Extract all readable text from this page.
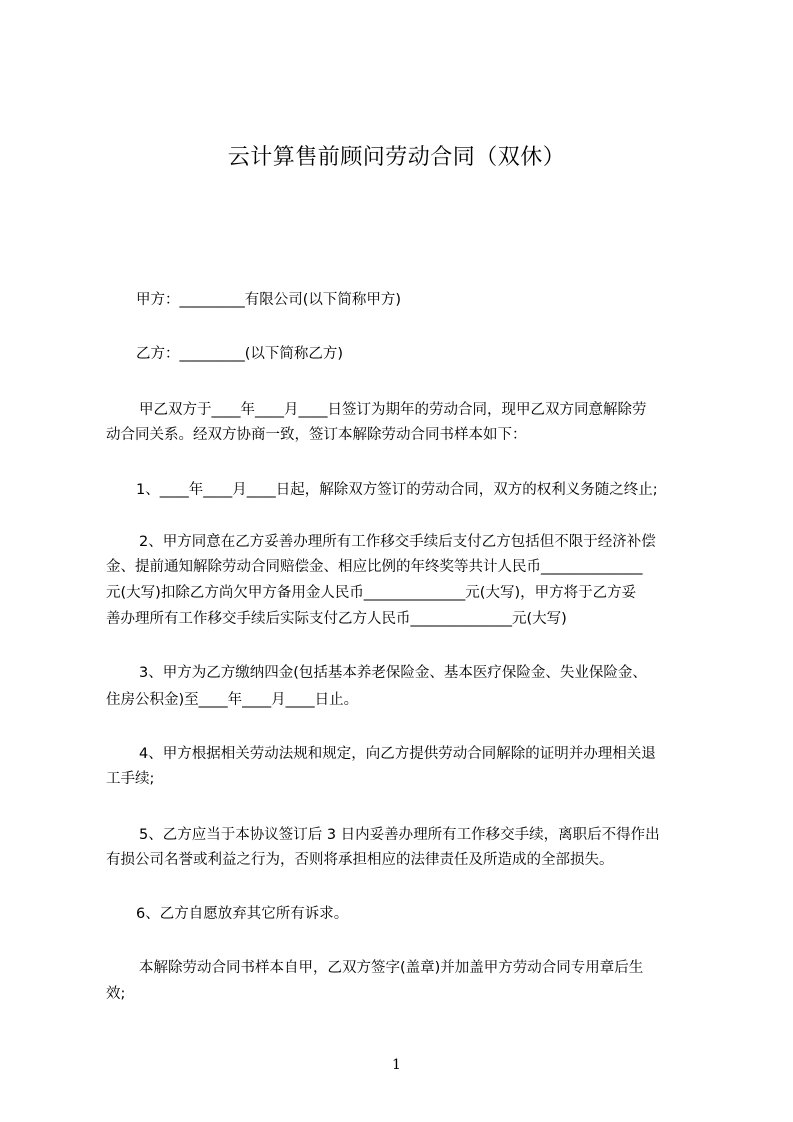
云计算售前顾问劳动合同（双休）

甲方：_________有限公司(以下简称甲方)

乙方：_________(以下简称乙方)

甲乙双方于____年____月____日签订为期年的劳动合同，现甲乙双方同意解除劳

动合同关系。经双方协商一致，签订本解除劳动合同书样本如下：

1、____年____月____日起，解除双方签订的劳动合同，双方的权利义务随之终止;

2、甲方同意在乙方妥善办理所有工作移交手续后支付乙方包括但不限于经济补偿

金、提前通知解除劳动合同赔偿金、相应比例的年终奖等共计人民币______________

元(大写)扣除乙方尚欠甲方备用金人民币______________元(大写)，甲方将于乙方妥

善办理所有工作移交手续后实际支付乙方人民币______________元(大写)

3、甲方为乙方缴纳四金(包括基本养老保险金、基本医疗保险金、失业保险金、

住房公积金)至____年____月____日止。

4、甲方根据相关劳动法规和规定，向乙方提供劳动合同解除的证明并办理相关退

工手续;

5、乙方应当于本协议签订后 3 日内妥善办理所有工作移交手续，离职后不得作出

有损公司名誉或利益之行为，否则将承担相应的法律责任及所造成的全部损失。

6、乙方自愿放弃其它所有诉求。

本解除劳动合同书样本自甲，乙双方签字(盖章)并加盖甲方劳动合同专用章后生

效;

1
